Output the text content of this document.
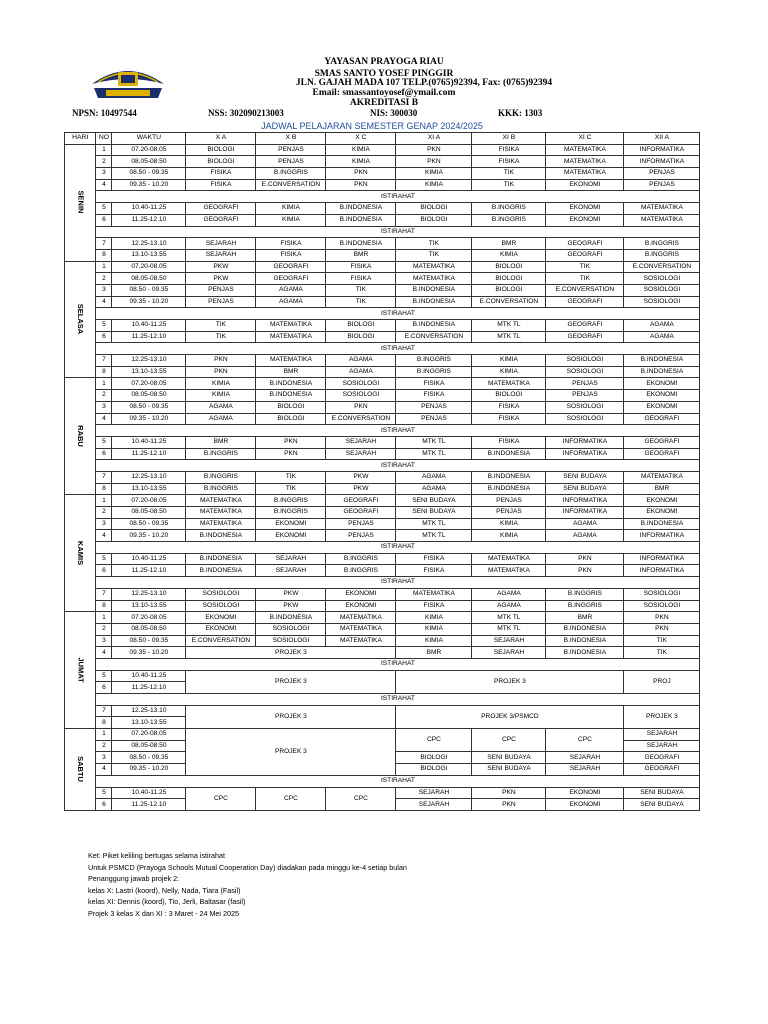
YAYASAN PRAYOGA RIAU
SMAS SANTO YOSEF PINGGIR
JLN. GAJAH MADA 107 TELP.(0765)92394, Fax: (0765)92394
Email: smassantoyosef@ymail.com
AKREDITASI B
NPSN: 10497544	NSS: 302090213003	NIS: 300030	KKK: 1303
JADWAL PELAJARAN SEMESTER GENAP 2024/2025
HARI	NO	WAKTU	X A	X B	X C	XI A	XI B	XI C	XII A
SENIN	1	07.20-08.05	BIOLOGI	PENJAS	KIMIA	PKN	FISIKA	MATEMATIKA	INFORMATIKA
	2	08.05-08.50	BIOLOGI	PENJAS	KIMIA	PKN	FISIKA	MATEMATIKA	INFORMATIKA
	3	08.50 - 09.35	FISIKA	B.INGGRIS	PKN	KIMIA	TIK	MATEMATIKA	PENJAS
	4	09.35 - 10.20	FISIKA	E.CONVERSATION	PKN	KIMIA	TIK	EKONOMI	PENJAS
	ISTIRAHAT								
	5	10.40-11.25	GEOGRAFI	KIMIA	B.INDONESIA	BIOLOGI	B.INGGRIS	EKONOMI	MATEMATIKA
	6	11.25-12.10	GEOGRAFI	KIMIA	B.INDONESIA	BIOLOGI	B.INGGRIS	EKONOMI	MATEMATIKA
	ISTIRAHAT								
	7	12.25-13.10	SEJARAH	FISIKA	B.INDONESIA	TIK	BMR	GEOGRAFI	B.INGGRIS
	8	13.10-13.55	SEJARAH	FISIKA	BMR	TIK	KIMIA	GEOGRAFI	B.INGGRIS
SELASA	1	07.20-08.05	PKW	GEOGRAFI	FISIKA	MATEMATIKA	BIOLOGI	TIK	E.CONVERSATION
	2	08.05-08.50	PKW	GEOGRAFI	FISIKA	MATEMATIKA	BIOLOGI	TIK	SOSIOLOGI
	3	08.50 - 09.35	PENJAS	AGAMA	TIK	B.INDONESIA	BIOLOGI	E.CONVERSATION	SOSIOLOGI
	4	09.35 - 10.20	PENJAS	AGAMA	TIK	B.INDONESIA	E.CONVERSATION	GEOGRAFI	SOSIOLOGI
	ISTIRAHAT								
	5	10.40-11.25	TIK	MATEMATIKA	BIOLOGI	B.INDONESIA	MTK TL	GEOGRAFI	AGAMA
	6	11.25-12.10	TIK	MATEMATIKA	BIOLOGI	E.CONVERSATION	MTK TL	GEOGRAFI	AGAMA
	ISTIRAHAT								
	7	12.25-13.10	PKN	MATEMATIKA	AGAMA	B.INGGRIS	KIMIA	SOSIOLOGI	B.INDONESIA
	8	13.10-13.55	PKN	BMR	AGAMA	B.INGGRIS	KIMIA	SOSIOLOGI	B.INDONESIA
RABU	1	07.20-08.05	KIMIA	B.INDONESIA	SOSIOLOGI	FISIKA	MATEMATIKA	PENJAS	EKONOMI
	2	08.05-08.50	KIMIA	B.INDONESIA	SOSIOLOGI	FISIKA	BIOLOGI	PENJAS	EKONOMI
	3	08.50 - 09.35	AGAMA	BIOLOGI	PKN	PENJAS	FISIKA	SOSIOLOGI	EKONOMI
	4	09.35 - 10.20	AGAMA	BIOLOGI	E.CONVERSATION	PENJAS	FISIKA	SOSIOLOGI	GEOGRAFI
	ISTIRAHAT								
	5	10.40-11.25	BMR	PKN	SEJARAH	MTK TL	FISIKA	INFORMATIKA	GEOGRAFI
	6	11.25-12.10	B.INGGRIS	PKN	SEJARAH	MTK TL	B.INDONESIA	INFORMATIKA	GEOGRAFI
	ISTIRAHAT								
	7	12.25-13.10	B.INGGRIS	TIK	PKW	AGAMA	B.INDONESIA	SENI BUDAYA	MATEMATIKA
	8	13.10-13.55	B.INGGRIS	TIK	PKW	AGAMA	B.INDONESIA	SENI BUDAYA	BMR
KAMIS	1	07.20-08.05	MATEMATIKA	B.INGGRIS	GEOGRAFI	SENI BUDAYA	PENJAS	INFORMATIKA	EKONOMI
	2	08.05-08.50	MATEMATIKA	B.INGGRIS	GEOGRAFI	SENI BUDAYA	PENJAS	INFORMATIKA	EKONOMI
	3	08.50 - 09.35	MATEMATIKA	EKONOMI	PENJAS	MTK TL	KIMIA	AGAMA	B.INDONESIA
	4	09.35 - 10.20	B.INDONESIA	EKONOMI	PENJAS	MTK TL	KIMIA	AGAMA	INFORMATIKA
	ISTIRAHAT								
	5	10.40-11.25	B.INDONESIA	SEJARAH	B.INGGRIS	FISIKA	MATEMATIKA	PKN	INFORMATIKA
	6	11.25-12.10	B.INDONESIA	SEJARAH	B.INGGRIS	FISIKA	MATEMATIKA	PKN	INFORMATIKA
	ISTIRAHAT								
	7	12.25-13.10	SOSIOLOGI	PKW	EKONOMI	MATEMATIKA	AGAMA	B.INGGRIS	SOSIOLOGI
	8	13.10-13.55	SOSIOLOGI	PKW	EKONOMI	FISIKA	AGAMA	B.INGGRIS	SOSIOLOGI
JUMAT	1	07.20-08.05	EKONOMI	B.INDONESIA	MATEMATIKA	KIMIA	MTK TL	BMR	PKN
	2	08.05-08.50	EKONOMI	SOSIOLOGI	MATEMATIKA	KIMIA	MTK TL	B.INDONESIA	PKN
	3	08.50 - 09.35	E.CONVERSATION	SOSIOLOGI	MATEMATIKA	KIMIA	SEJARAH	B.INDONESIA	TIK
	4	09.35 - 10.20	PROJEK 3			BMR	SEJARAH	B.INDONESIA	TIK
	ISTIRAHAT								
	5	10.40-11.25	PROJEK 3			PROJEK 3			PROJ
	6	11.25-12.10							
	ISTIRAHAT								
	7	12.25-13.10	PROJEK 3			PROJEK 3/PSMCD			PROJEK 3
	8	13.10-13.55							
SABTU	1	07.20-08.05	PROJEK 3			CPC	CPC	CPC	SEJARAH
	2	08.05-08.50							SEJARAH
	3	08.50 - 09.35				BIOLOGI	SENI BUDAYA	SEJARAH	GEOGRAFI
	4	09.35 - 10.20				BIOLOGI	SENI BUDAYA	SEJARAH	GEOGRAFI
	ISTIRAHAT								
	5	10.40-11.25	CPC	CPC	CPC	SEJARAH	PKN	EKONOMI	SENI BUDAYA
	6	11.25-12.10				SEJARAH	PKN	EKONOMI	SENI BUDAYA
Ket: Piket keliling bertugas selama istirahat
Untuk PSMCD (Prayoga Schools Mutual Cooperation Day) diadakan pada minggu ke-4 setiap bulan
Penanggung jawab projek 2:
kelas X: Lastri (koord), Nelly, Nada, Tiara (Fasil)
kelas XI: Dennis (koord), Tio, Jerli, Baltasar (fasil)
Projek 3 kelas X dan XI : 3 Maret - 24 Mei 2025
